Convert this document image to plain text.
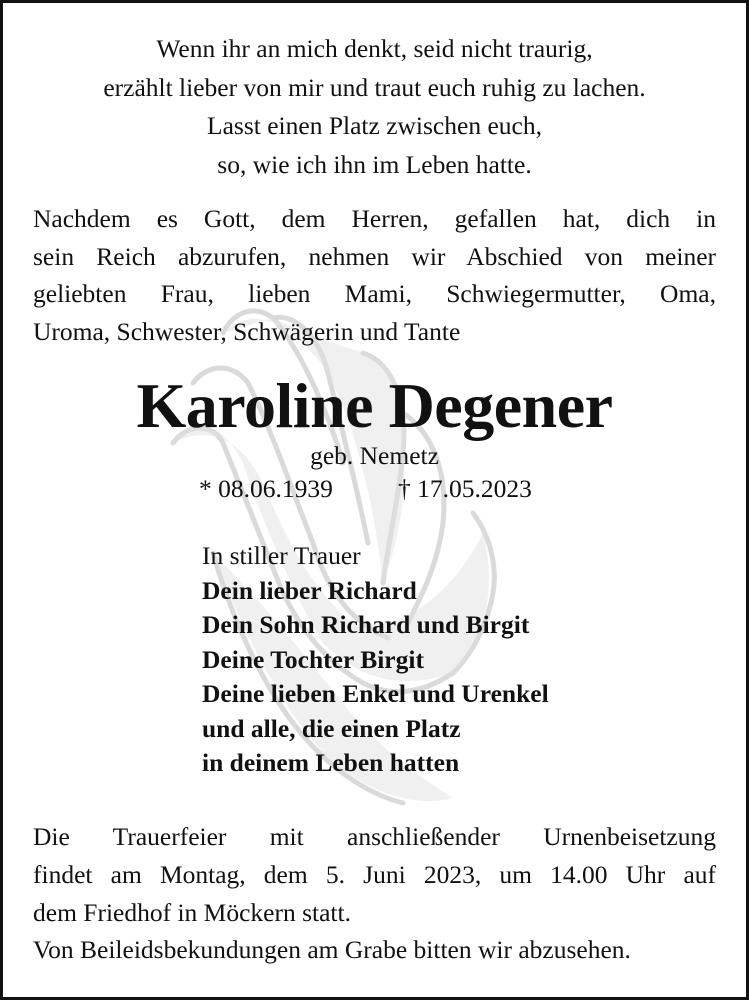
Wenn ihr an mich denkt, seid nicht traurig,
erzählt lieber von mir und traut euch ruhig zu lachen.
Lasst einen Platz zwischen euch,
so, wie ich ihn im Leben hatte.
Nachdem es Gott, dem Herren, gefallen hat, dich in
sein Reich abzurufen, nehmen wir Abschied von meiner
geliebten Frau, lieben Mami, Schwiegermutter, Oma,
Uroma, Schwester, Schwägerin und Tante
Karoline Degener
geb. Nemetz
* 08.06.1939	† 17.05.2023
In stiller Trauer
Dein lieber Richard
Dein Sohn Richard und Birgit
Deine Tochter Birgit
Deine lieben Enkel und Urenkel
und alle, die einen Platz
in deinem Leben hatten
Die Trauerfeier mit anschließender Urnenbeisetzung
findet am Montag, dem 5. Juni 2023, um 14.00 Uhr auf
dem Friedhof in Möckern statt.
Von Beileidsbekundungen am Grabe bitten wir abzusehen.
